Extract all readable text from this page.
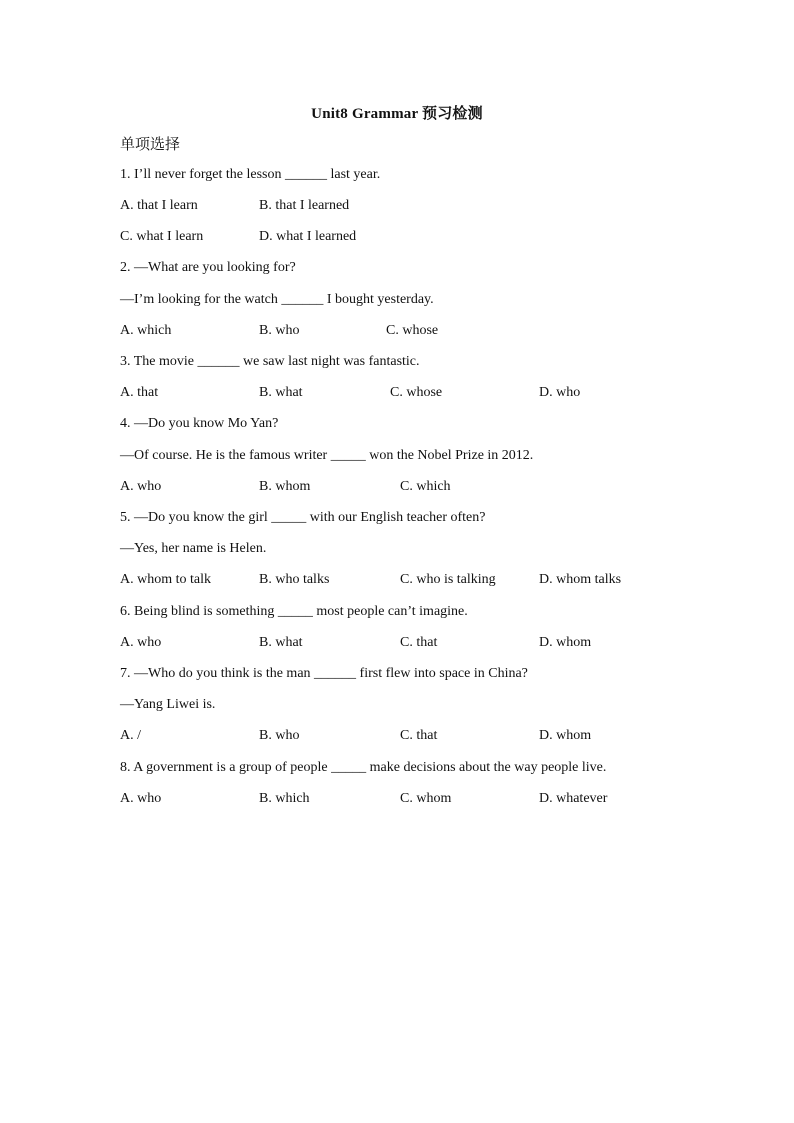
Unit8 Grammar 预习检测
单项选择
1. I’ll never forget the lesson ______ last year.
A. that I learn	B. that I learned
C. what I learn	D. what I learned
2. —What are you looking for?
—I’m looking for the watch ______ I bought yesterday.
A. which	B. who	C. whose
3. The movie ______ we saw last night was fantastic.
A. that	B. what	C. whose	D. who
4. —Do you know Mo Yan?
—Of course. He is the famous writer _____ won the Nobel Prize in 2012.
A. who	B. whom	C. which
5. —Do you know the girl _____ with our English teacher often?
—Yes, her name is Helen.
A. whom to talk	B. who talks	C. who is talking	D. whom talks
6. Being blind is something _____ most people can’t imagine.
A. who	B. what	C. that	D. whom
7. —Who do you think is the man ______ first flew into space in China?
—Yang Liwei is.
A. /	B. who	C. that	D. whom
8. A government is a group of people _____ make decisions about the way people live.
A. who	B. which	C. whom	D. whatever
